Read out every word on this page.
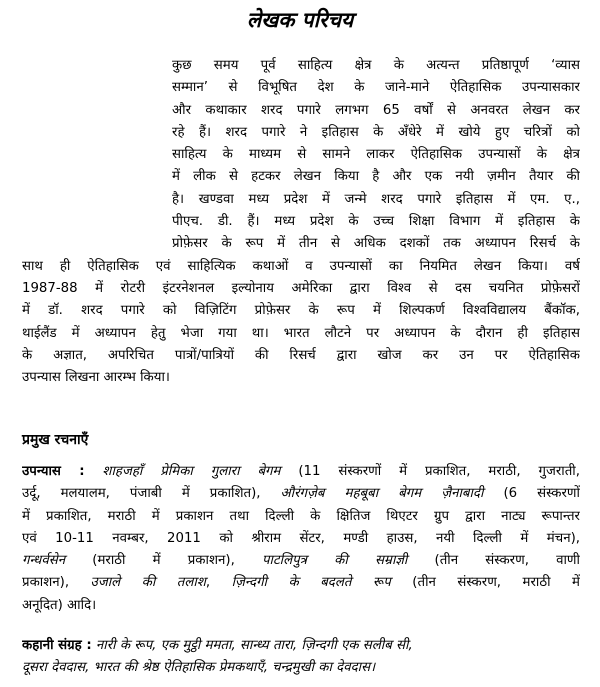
लेखक परिचय
कुछ समय पूर्व साहित्य क्षेत्र के अत्यन्त प्रतिष्ठापूर्ण ‘व्यास
सम्मान’ से विभूषित देश के जाने-माने ऐतिहासिक उपन्यासकार
और कथाकार शरद पगारे लगभग 65 वर्षों से अनवरत लेखन कर
रहे हैं। शरद पगारे ने इतिहास के अँधेरे में खोये हुए चरित्रों को
साहित्य के माध्यम से सामने लाकर ऐतिहासिक उपन्यासों के क्षेत्र
में लीक से हटकर लेखन किया है और एक नयी ज़मीन तैयार की
है। खण्डवा मध्य प्रदेश में जन्मे शरद पगारे इतिहास में एम. ए.,
पीएच. डी. हैं। मध्य प्रदेश के उच्च शिक्षा विभाग में इतिहास के
प्रोफ़ेसर के रूप में तीन से अधिक दशकों तक अध्यापन रिसर्च के
साथ ही ऐतिहासिक एवं साहित्यिक कथाओं व उपन्यासों का नियमित लेखन किया। वर्ष
1987-88 में रोटरी इंटरनेशनल इल्योनाय अमेरिका द्वारा विश्व से दस चयनित प्रोफ़ेसरों
में डॉ. शरद पगारे को विज़िटिंग प्रोफ़ेसर के रूप में शिल्पकर्ण विश्वविद्यालय बैंकॉक,
थाईलैंड में अध्यापन हेतु भेजा गया था। भारत लौटने पर अध्यापन के दौरान ही इतिहास
के अज्ञात, अपरिचित पात्रों/पात्रियों की रिसर्च द्वारा खोज कर उन पर ऐतिहासिक
उपन्यास लिखना आरम्भ किया।
प्रमुख रचनाएँ
उपन्यास : शाहजहाँ प्रेमिका गुलारा बेगम (11 संस्करणों में प्रकाशित, मराठी, गुजराती,
उर्दू, मलयालम, पंजाबी में प्रकाशित), औरंगज़ेब महबूबा बेगम ज़ैनाबादी (6 संस्करणों
में प्रकाशित, मराठी में प्रकाशन तथा दिल्ली के क्षितिज थिएटर ग्रुप द्वारा नाट्य रूपान्तर
एवं 10-11 नवम्बर, 2011 को श्रीराम सेंटर, मण्डी हाउस, नयी दिल्ली में मंचन),
गन्धर्वसेन (मराठी में प्रकाशन), पाटलिपुत्र की सम्राज्ञी (तीन संस्करण, वाणी
प्रकाशन), उजाले की तलाश, ज़िन्दगी के बदलते रूप (तीन संस्करण, मराठी में
अनूदित) आदि।
कहानी संग्रह : नारी के रूप, एक मुट्ठी ममता, सान्ध्य तारा, ज़िन्दगी एक सलीब सी,
दूसरा देवदास, भारत की श्रेष्ठ ऐतिहासिक प्रेमकथाएँ, चन्द्रमुखी का देवदास।
